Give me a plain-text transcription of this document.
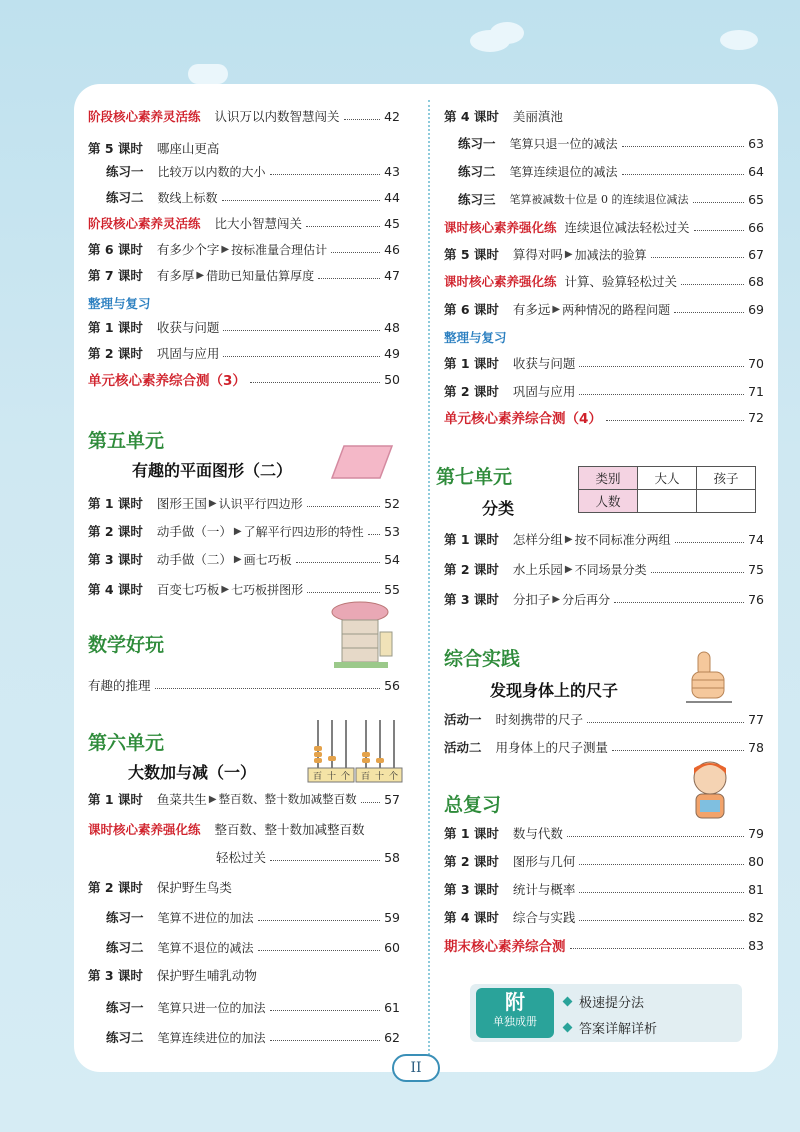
阶段核心素养灵活练 认识万以内数智慧闯关	42
第 5 课时 哪座山更高
练习一 比较万以内数的大小	43
练习二 数线上标数	44
阶段核心素养灵活练 比大小智慧闯关	45
第 6 课时 有多少个字 ▶ 按标准量合理估计	46
第 7 课时 有多厚 ▶ 借助已知量估算厚度	47
整理与复习
第 1 课时 收获与问题	48
第 2 课时 巩固与应用	49
单元核心素养综合测（3）	50
第五单元
有趣的平面图形（二）
第 1 课时 图形王国 ▶ 认识平行四边形	52
第 2 课时 动手做（一） ▶ 了解平行四边形的特性 53
第 3 课时 动手做（二） ▶ 画七巧板	54
第 4 课时 百变七巧板 ▶ 七巧板拼图形	55
数学好玩
有趣的推理	56
第六单元
大数加与减（一）	百 十 个 百 十 个
第 1 课时 鱼菜共生 ▶ 整百数、整十数加减整百数 57
课时核心素养强化练 整百数、整十数加减整百数
轻松过关	58
第 2 课时 保护野生鸟类
练习一 笔算不进位的加法	59
练习二 笔算不退位的减法	60
第 3 课时 保护野生哺乳动物
练习一 笔算只进一位的加法	61
练习二 笔算连续进位的加法	62
第 4 课时 美丽滇池
练习一 笔算只退一位的减法	63
练习二 笔算连续退位的减法	64
练习三 笔算被减数十位是 0 的连续退位减法	65
课时核心素养强化练 连续退位减法轻松过关	66
第 5 课时 算得对吗 ▶ 加减法的验算	67
课时核心素养强化练 计算、验算轻松过关	68
第 6 课时 有多远 ▶ 两种情况的路程问题	69
整理与复习
第 1 课时 收获与问题	70
第 2 课时 巩固与应用	71
单元核心素养综合测（4）	72
第七单元
分类
类别	大人	孩子
人数		
第 1 课时 怎样分组 ▶ 按不同标准分两组	74
第 2 课时 水上乐园 ▶ 不同场景分类	75
第 3 课时 分扣子 ▶ 分后再分	76
综合实践
发现身体上的尺子
活动一 时刻携带的尺子	77
活动二 用身体上的尺子测量	78
总复习
第 1 课时 数与代数	79
第 2 课时 图形与几何	80
第 3 课时 统计与概率	81
第 4 课时 综合与实践	82
期末核心素养综合测	83
附
单独成册
极速提分法
答案详解详析
II
